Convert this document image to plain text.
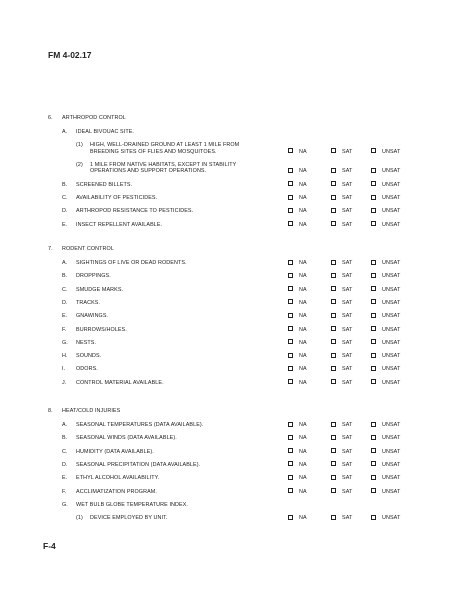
FM 4-02.17
6. ARTHROPOD CONTROL
A. IDEAL BIVOUAC SITE.
(1) HIGH, WELL-DRAINED GROUND AT LEAST 1 MILE FROM
BREEDING SITES OF FLIES AND MOSQUITOES.	NA	SAT	UNSAT
(2) 1 MILE FROM NATIVE HABITATS, EXCEPT IN STABILITY
OPERATIONS AND SUPPORT OPERATIONS.	NA	SAT	UNSAT
B. SCREENED BILLETS.	NA	SAT	UNSAT
C. AVAILABILITY OF PESTICIDES.	NA	SAT	UNSAT
D. ARTHROPOD RESISTANCE TO PESTICIDES.	NA	SAT	UNSAT
E. INSECT REPELLENT AVAILABLE.	NA	SAT	UNSAT
7. RODENT CONTROL
A. SIGHTINGS OF LIVE OR DEAD RODENTS.	NA	SAT	UNSAT
B. DROPPINGS.	NA	SAT	UNSAT
C. SMUDGE MARKS.	NA	SAT	UNSAT
D. TRACKS.	NA	SAT	UNSAT
E. GNAWINGS.	NA	SAT	UNSAT
F. BURROWS/HOLES.	NA	SAT	UNSAT
G. NESTS.	NA	SAT	UNSAT
H. SOUNDS.	NA	SAT	UNSAT
I. ODORS.	NA	SAT	UNSAT
J. CONTROL MATERIAL AVAILABLE.	NA	SAT	UNSAT
8. HEAT/COLD INJURIES
A. SEASONAL TEMPERATURES (DATA AVAILABLE).	NA	SAT	UNSAT
B. SEASONAL WINDS (DATA AVAILABLE).	NA	SAT	UNSAT
C. HUMIDITY (DATA AVAILABLE).	NA	SAT	UNSAT
D. SEASONAL PRECIPITATION (DATA AVAILABLE).	NA	SAT	UNSAT
E. ETHYL ALCOHOL AVAILABILITY.	NA	SAT	UNSAT
F. ACCLIMATIZATION PROGRAM.	NA	SAT	UNSAT
G. WET BULB GLOBE TEMPERATURE INDEX.
(1) DEVICE EMPLOYED BY UNIT.	NA	SAT	UNSAT
F-4
